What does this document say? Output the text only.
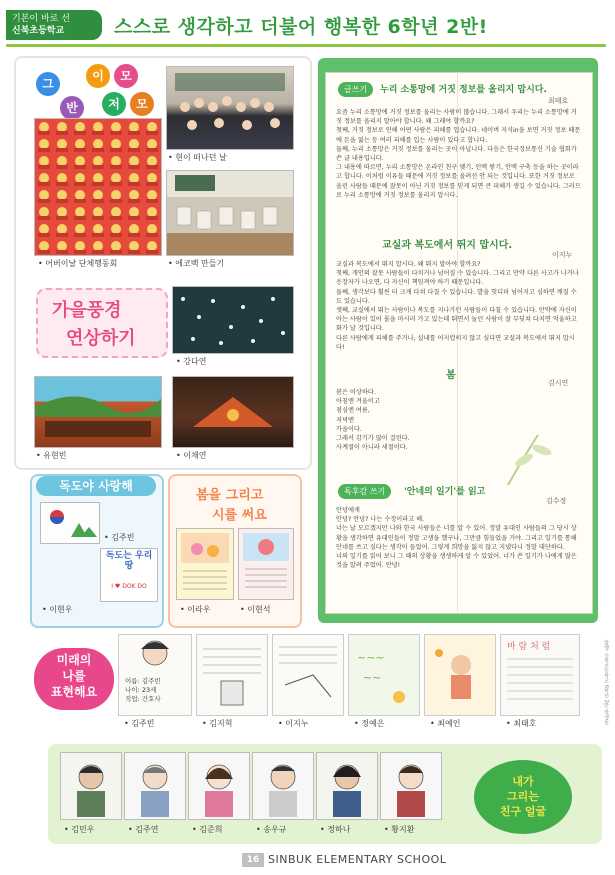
기본이 바로 선
신북초등학교	스스로 생각하고 더불어 행복한 6학년 2반!
그
이	모
반	저	모
• 어버이날 단체행동회
• 현이 떠나던 날
• 에코백 만들기
가을풍경
연상하기
• 강다연
• 유현빈	• 이채연
독도야 사랑해
• 김주빈
독도는 우리 땅
I ♥ DOK DO
• 이현우
봄을 그리고
시를 써요
• 이라우	• 이현석
글쓰기	누리 소통망에 거짓 정보를 올리지 맙시다.
최태호

요즘 누리 소통망에 거짓 정보를 올리는 사람이 많습니다. 그래서 우리는 누리 소통망에 거짓 정보를 올리지 말아야 합니다. 왜 그래야 할까요?

첫째, 거짓 정보로 인해 어떤 사람은 피해를 입습니다. 네이버 지식in을 보면 거짓 정보 때문에 돈을 잃는 등 여러 피해를 입는 사람이 있다고 합니다.

둘째, 누리 소통망은 거짓 정보를 올리는 곳이 아닙니다. 다음은 한국정보통신 기술 협회가 쓴 글 내용입니다.

그 내용에 따르면, 누리 소통망은 온라인 친구 맺기, 인맥 쌓기, 인맥 구축 등을 하는 곳이라고 합니다. 이처럼 이유들 때문에 거짓 정보를 올려선 안 되는 것입니다. 또한 거짓 정보로 올린 사람들 때문에 잘못이 아닌 거짓 정보를 믿게 되면 큰 피해가 생길 수 있습니다. 그러므로 누리 소통망에 거짓 정보를 올리지 맙시다.

교실과 복도에서 뛰지 맙시다.
이지누

교실과 복도에서 뛰지 맙시다. 왜 뛰지 말아야 할까요?

첫째, 개인의 잘못 사람들이 다치거나 넘어질 수 있습니다. 그리고 만약 다른 사고가 나거나 응장자가 나오면, 다 자신이 책임져야 하기 때문입니다.

둘째, 생각보다 훨씬 더 크게 다쳐 다칠 수 있습니다. 발을 헛디뎌 넘어지고 심하면 깨질 수도 있습니다.

셋째, 교실에서 뛰는 사람이나 복도를 지나가던 사람들이 다칠 수 있습니다. 만약에 자신이 아는 사람이 있어 몰을 마시러 가고 있는데 뛰면서 놀던 사람이 잘 부딪쳐 다치면 억울하고 화가 날 것입니다.

다른 사람에게 피해를 주거나, 실내를 어지럽히지 않고 싶다면 교실과 복도에서 뛰지 맙시다!

봄
김시연

봄은 이상하다.

아침엔 겨울이고

점심엔 여름,

저녁엔

가을이다.

그래서 감기가 많이 걸린다.

사계절이 아니라 세절이다.

독후감 쓰기	'안네의 일기'를 읽고
김수정

안녕에게

안녕? 안녕? 나는 수정이라고 해.

너는 날 모르겠지만 나와 한국 사람들은 너를 알 수 있어. 정말 유대인 사람들의 그 당시 상황을 생각하면 유대인들이 정말 고생을 했구나, 그만큼 힘들었을 거야. 그리고 일기를 통해 안네를 쓰고 싶다는 생각이 들었어. 그렇게 희망을 잃지 않고 지냈다니 정말 대단하다.

너의 일기를 읽어 보니 그 때의 상황을 생생하게 알 수 있었어. 너가 쓴 일기가 나에게 많은 것을 알려 주었어. 안녕!

미래의
나를
표현해요
이름: 김주빈
나이: 23세
직업: 간호사
~~~
~~
바 람 처 럼
• 김주빈	• 김지혁	• 이지누	• 정예은	• 최예인	• 최태호
• 김민우	• 김주연	• 김준희	• 송우규	• 정하나	• 황지환
내가
그리는
친구 얼굴
16 SINBUK ELEMENTARY SCHOOL
발행: 신북초등학교 6학년 2반 학생들
